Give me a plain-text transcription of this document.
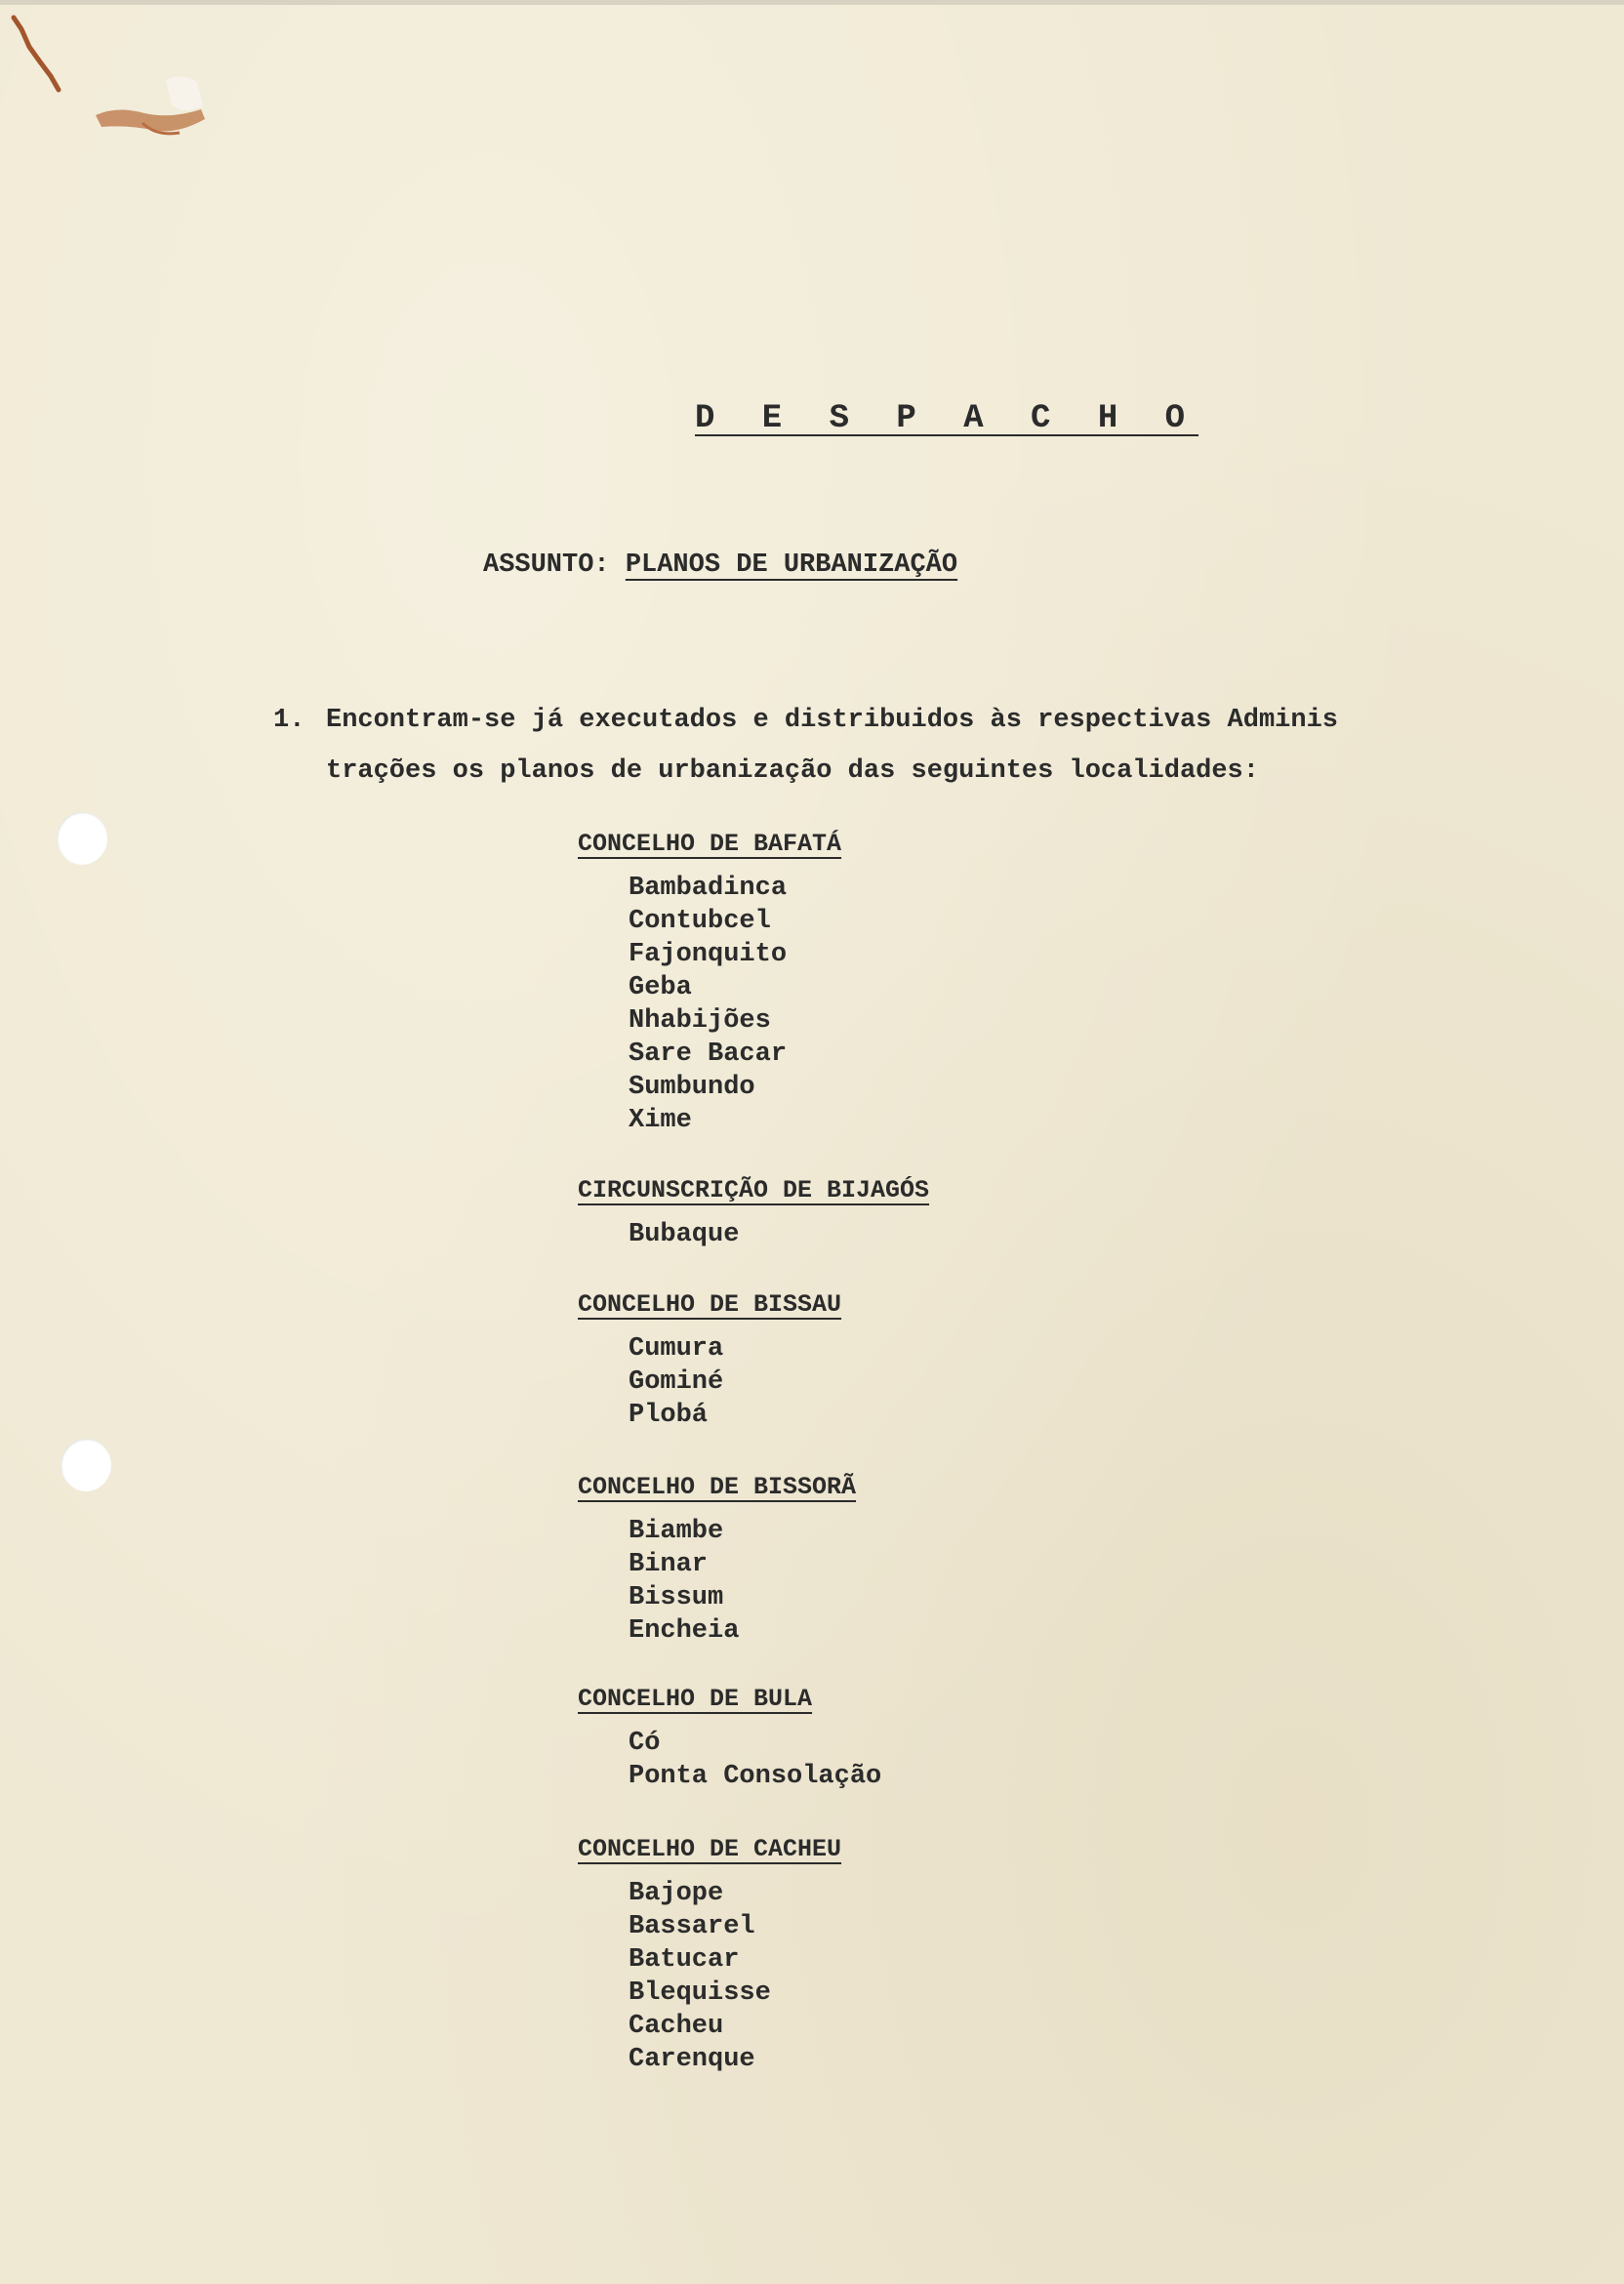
D E S P A C H O
ASSUNTO: PLANOS DE URBANIZAÇÃO
1. Encontram-se já executados e distribuidos às respectivas Adminis
trações os planos de urbanização das seguintes localidades:
CONCELHO DE BAFATÁ
Bambadinca
Contubcel
Fajonquito
Geba
Nhabijões
Sare Bacar
Sumbundo
Xime
CIRCUNSCRIÇÃO DE BIJAGÓS
Bubaque
CONCELHO DE BISSAU
Cumura
Gominé
Plobá
CONCELHO DE BISSORÃ
Biambe
Binar
Bissum
Encheia
CONCELHO DE BULA
Có
Ponta Consolação
CONCELHO DE CACHEU
Bajope
Bassarel
Batucar
Blequisse
Cacheu
Carenque
